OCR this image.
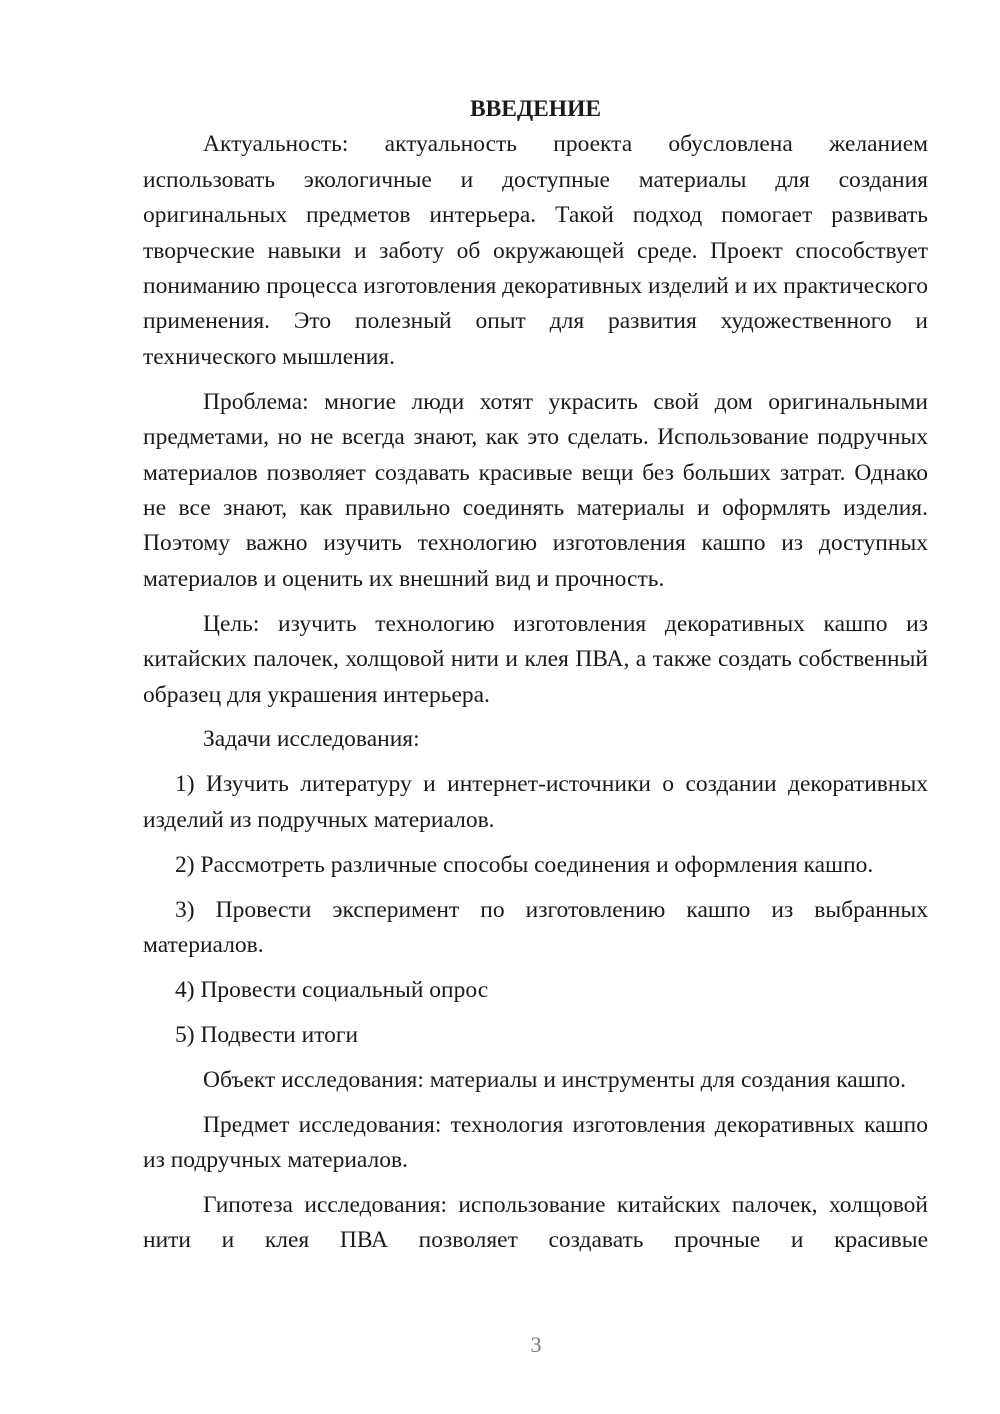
ВВЕДЕНИЕ

Актуальность: актуальность проекта обусловлена желанием использовать экологичные и доступные материалы для создания оригинальных предметов интерьера. Такой подход помогает развивать творческие навыки и заботу об окружающей среде. Проект способствует пониманию процесса изготовления декоративных изделий и их практического применения. Это полезный опыт для развития художественного и технического мышления.

Проблема: многие люди хотят украсить свой дом оригинальными предметами, но не всегда знают, как это сделать. Использование подручных материалов позволяет создавать красивые вещи без больших затрат. Однако не все знают, как правильно соединять материалы и оформлять изделия. Поэтому важно изучить технологию изготовления кашпо из доступных материалов и оценить их внешний вид и прочность.

Цель: изучить технологию изготовления декоративных кашпо из китайских палочек, холщовой нити и клея ПВА, а также создать собственный образец для украшения интерьера.

Задачи исследования:

1) Изучить литературу и интернет-источники о создании декоративных изделий из подручных материалов.

2) Рассмотреть различные способы соединения и оформления кашпо.

3) Провести эксперимент по изготовлению кашпо из выбранных материалов.

4) Провести социальный опрос

5) Подвести итоги

Объект исследования: материалы и инструменты для создания кашпо.

Предмет исследования: технология изготовления декоративных кашпо из подручных материалов.

Гипотеза исследования: использование китайских палочек, холщовой нити и клея ПВА позволяет создавать прочные и красивые

3
